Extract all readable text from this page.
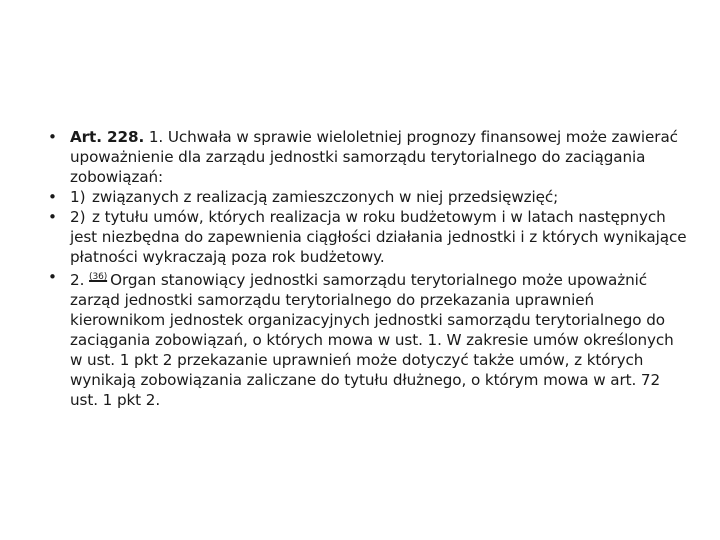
• Art. 228. 1. Uchwała w sprawie wieloletniej prognozy finansowej może zawierać upoważnienie dla zarządu jednostki samorządu terytorialnego do zaciągania zobowiązań:
• 1) związanych z realizacją zamieszczonych w niej przedsięwzięć;
• 2) z tytułu umów, których realizacja w roku budżetowym i w latach następnych jest niezbędna do zapewnienia ciągłości działania jednostki i z których wynikające płatności wykraczają poza rok budżetowy.
• 2. $^{(36)}$ Organ stanowiący jednostki samorządu terytorialnego może upoważnić zarząd jednostki samorządu terytorialnego do przekazania uprawnień kierownikom jednostek organizacyjnych jednostki samorządu terytorialnego do zaciągania zobowiązań, o których mowa w ust. 1. W zakresie umów określonych w ust. 1 pkt 2 przekazanie uprawnień może dotyczyć także umów, z których wynikają zobowiązania zaliczane do tytułu dłużnego, o którym mowa w art. 72 ust. 1 pkt 2.
